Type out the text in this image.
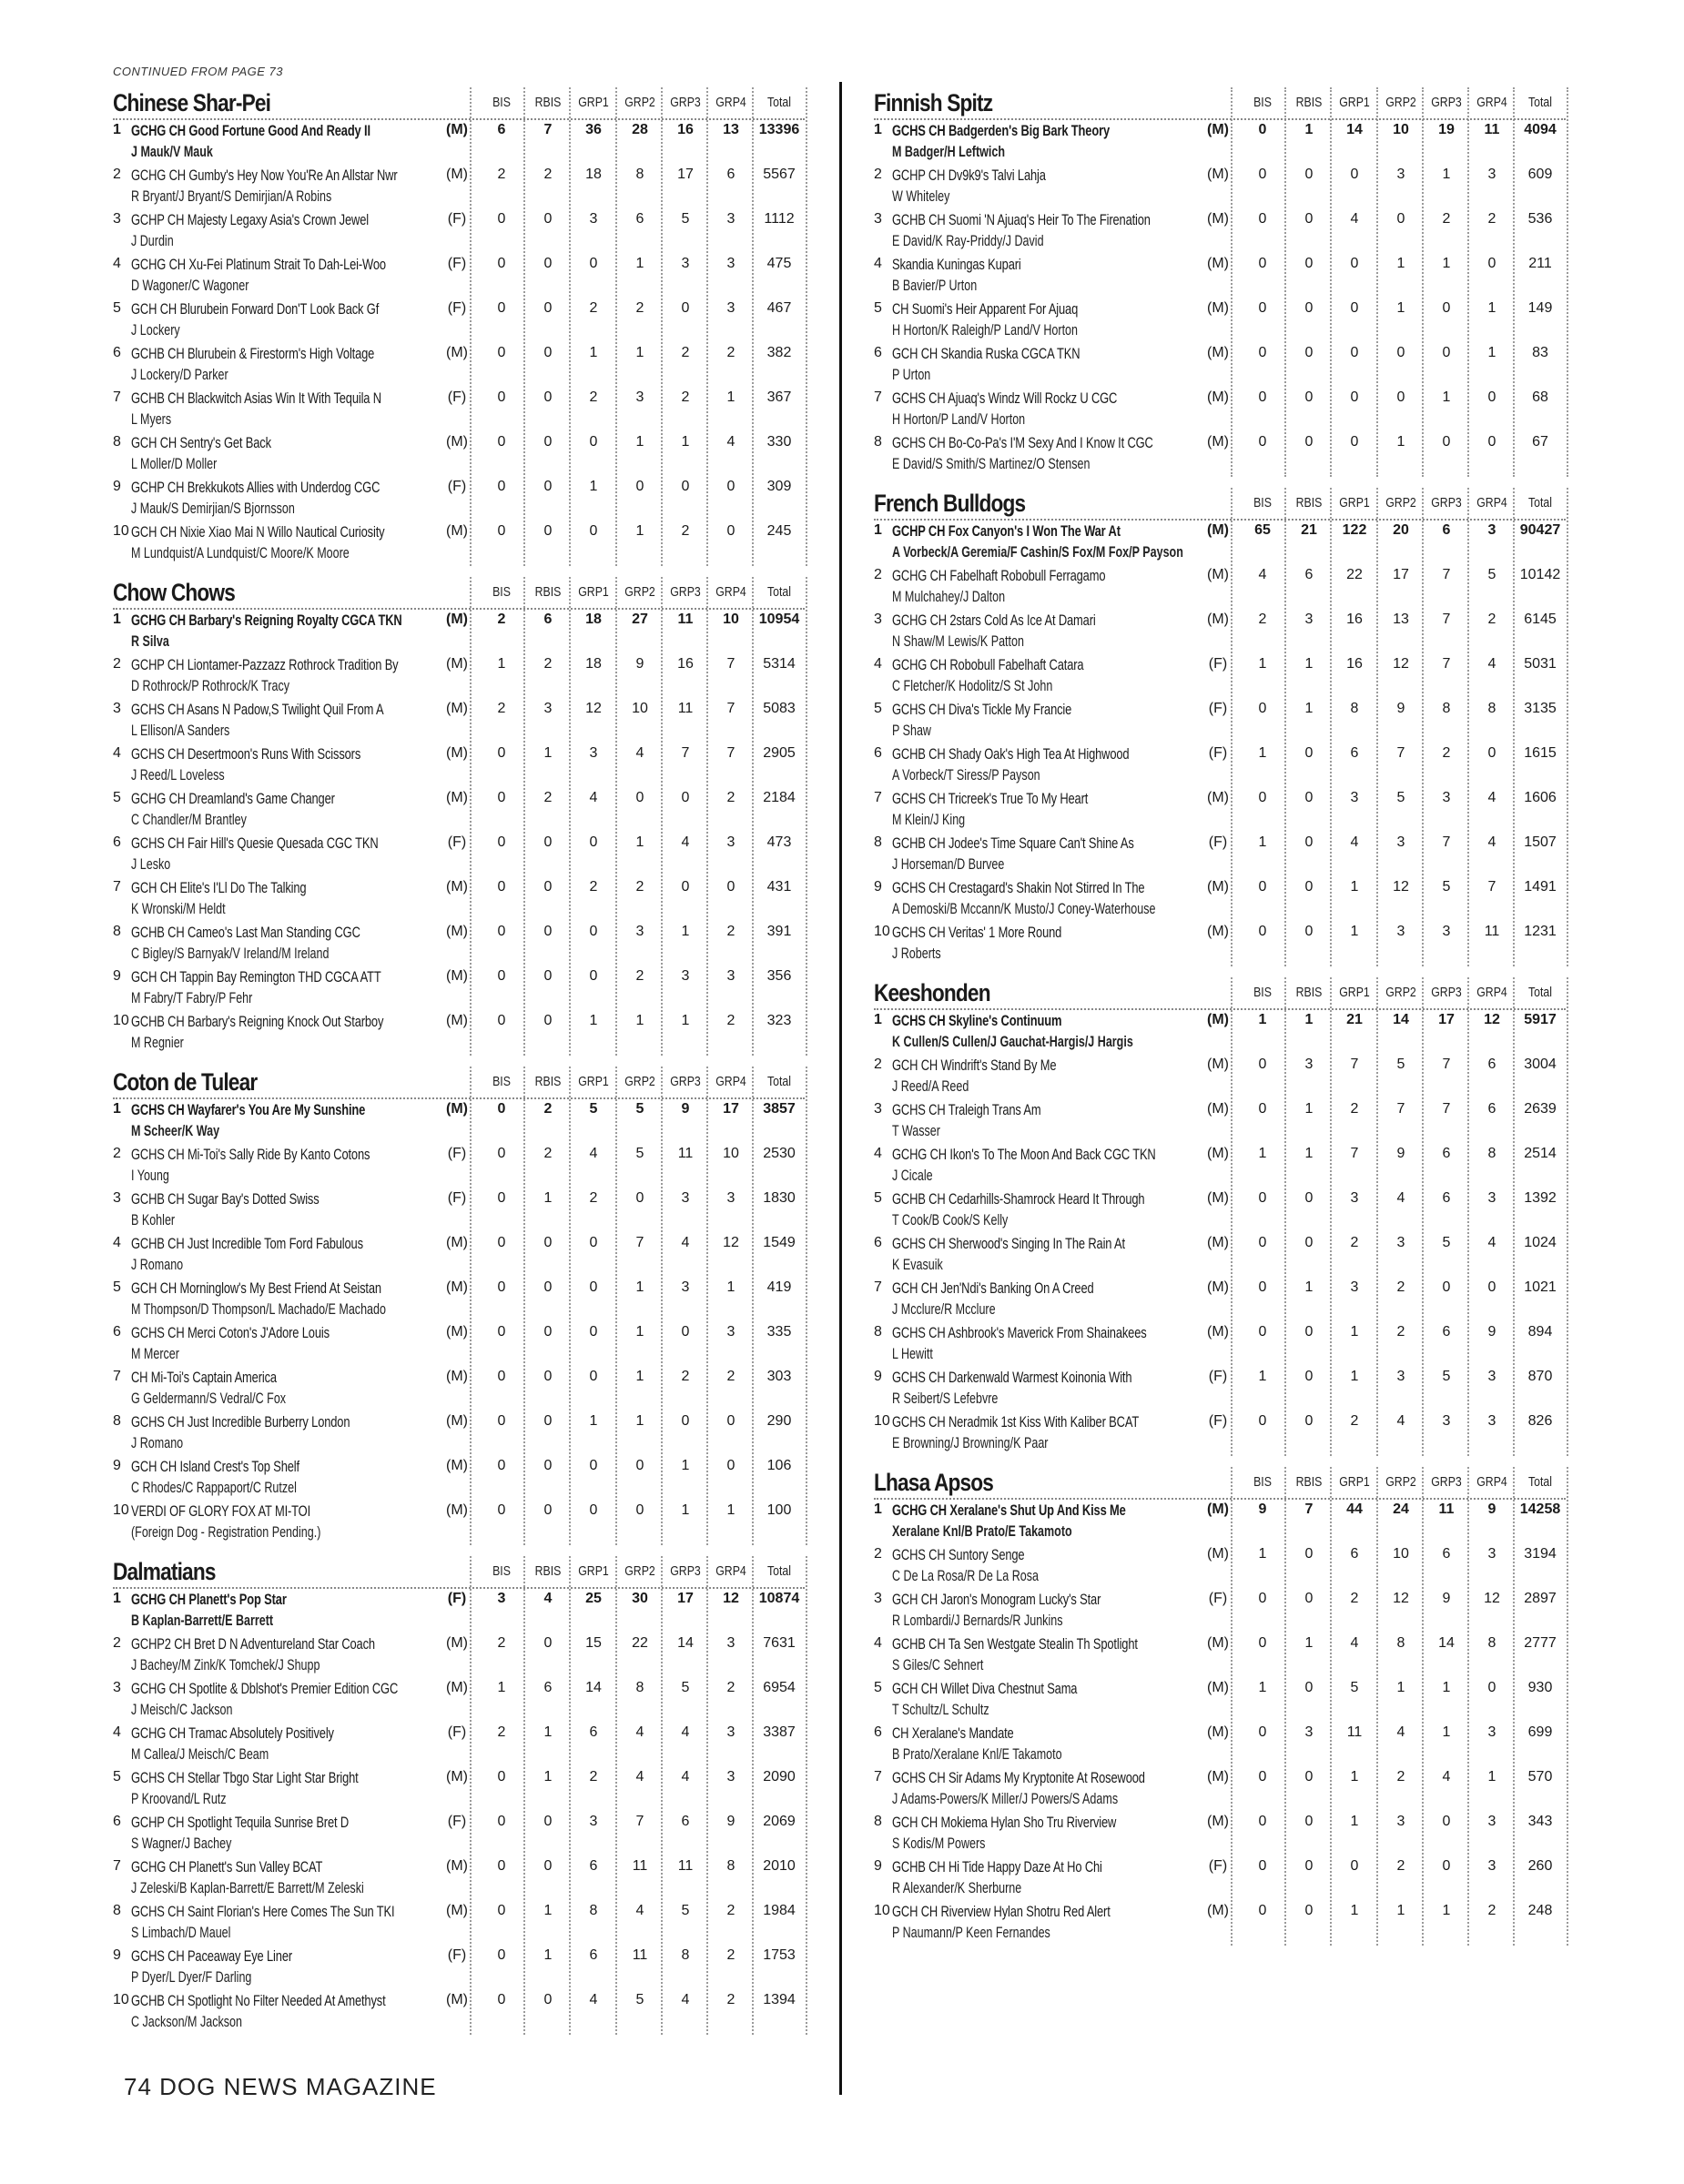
CONTINUED FROM PAGE 73
Chinese Shar-Pei	BIS	RBIS	GRP1	GRP2	GRP3	GRP4	Total
1 GCHG CH Good Fortune Good And Ready II
J Mauk/V Mauk
(M)	6	7	36	28	16	13	13396
2 GCHG CH Gumby's Hey Now You'Re An Allstar Nwr
R Bryant/J Bryant/S Demirjian/A Robins
(M)	2	2	18	8	17	6	5567
3 GCHP CH Majesty Legaxy Asia's Crown Jewel
J Durdin
(F)	0	0	3	6	5	3	1112
4 GCHG CH Xu-Fei Platinum Strait To Dah-Lei-Woo
D Wagoner/C Wagoner
(F)	0	0	0	1	3	3	475
5 GCH CH Blurubein Forward Don'T Look Back Gf
J Lockery
(F)	0	0	2	2	0	3	467
6 GCHB CH Blurubein & Firestorm's High Voltage
J Lockery/D Parker
(M)	0	0	1	1	2	2	382
7 GCHB CH Blackwitch Asias Win It With Tequila N
L Myers
(F)	0	0	2	3	2	1	367
8 GCH CH Sentry's Get Back
L Moller/D Moller
(M)	0	0	0	1	1	4	330
9 GCHP CH Brekkukots Allies with Underdog CGC
J Mauk/S Demirjian/S Bjornsson
(F)	0	0	1	0	0	0	309
10 GCH CH Nixie Xiao Mai N Willo Nautical Curiosity
M Lundquist/A Lundquist/C Moore/K Moore
(M)	0	0	0	1	2	0	245
Chow Chows	BIS	RBIS	GRP1	GRP2	GRP3	GRP4	Total
1 GCHG CH Barbary's Reigning Royalty CGCA TKN
R Silva
(M)	2	6	18	27	11	10	10954
2 GCHP CH Liontamer-Pazzazz Rothrock Tradition By
D Rothrock/P Rothrock/K Tracy
(M)	1	2	18	9	16	7	5314
3 GCHS CH Asans N Padow,S Twilight Quil From A
L Ellison/A Sanders
(M)	2	3	12	10	11	7	5083
4 GCHS CH Desertmoon's Runs With Scissors
J Reed/L Loveless
(M)	0	1	3	4	7	7	2905
5 GCHG CH Dreamland's Game Changer
C Chandler/M Brantley
(M)	0	2	4	0	0	2	2184
6 GCHS CH Fair Hill's Quesie Quesada CGC TKN
J Lesko
(F)	0	0	0	1	4	3	473
7 GCH CH Elite's I'Ll Do The Talking
K Wronski/M Heldt
(M)	0	0	2	2	0	0	431
8 GCHB CH Cameo's Last Man Standing CGC
C Bigley/S Barnyak/V Ireland/M Ireland
(M)	0	0	0	3	1	2	391
9 GCH CH Tappin Bay Remington THD CGCA ATT
M Fabry/T Fabry/P Fehr
(M)	0	0	0	2	3	3	356
10 GCHB CH Barbary's Reigning Knock Out Starboy
M Regnier
(M)	0	0	1	1	1	2	323
Coton de Tulear	BIS	RBIS	GRP1	GRP2	GRP3	GRP4	Total
1 GCHS CH Wayfarer's You Are My Sunshine
M Scheer/K Way
(M)	0	2	5	5	9	17	3857
2 GCHS CH Mi-Toi's Sally Ride By Kanto Cotons
I Young
(F)	0	2	4	5	11	10	2530
3 GCHB CH Sugar Bay's Dotted Swiss
B Kohler
(F)	0	1	2	0	3	3	1830
4 GCHB CH Just Incredible Tom Ford Fabulous
J Romano
(M)	0	0	0	7	4	12	1549
5 GCH CH Morninglow's My Best Friend At Seistan
M Thompson/D Thompson/L Machado/E Machado
(M)	0	0	0	1	3	1	419
6 GCHS CH Merci Coton's J'Adore Louis
M Mercer
(M)	0	0	0	1	0	3	335
7 CH Mi-Toi's Captain America
G Geldermann/S Vedral/C Fox
(M)	0	0	0	1	2	2	303
8 GCHS CH Just Incredible Burberry London
J Romano
(M)	0	0	1	1	0	0	290
9 GCH CH Island Crest's Top Shelf
C Rhodes/C Rappaport/C Rutzel
(M)	0	0	0	0	1	0	106
10 VERDI OF GLORY FOX AT MI-TOI
(Foreign Dog - Registration Pending.)
(M)	0	0	0	0	1	1	100
Dalmatians	BIS	RBIS	GRP1	GRP2	GRP3	GRP4	Total
1 GCHG CH Planett's Pop Star
B Kaplan-Barrett/E Barrett
(F)	3	4	25	30	17	12	10874
2 GCHP2 CH Bret D N Adventureland Star Coach
J Bachey/M Zink/K Tomchek/J Shupp
(M)	2	0	15	22	14	3	7631
3 GCHG CH Spotlite & Dblshot's Premier Edition CGC
J Meisch/C Jackson
(M)	1	6	14	8	5	2	6954
4 GCHG CH Tramac Absolutely Positively
M Callea/J Meisch/C Beam
(F)	2	1	6	4	4	3	3387
5 GCHS CH Stellar Tbgo Star Light Star Bright
P Kroovand/L Rutz
(M)	0	1	2	4	4	3	2090
6 GCHP CH Spotlight Tequila Sunrise Bret D
S Wagner/J Bachey
(F)	0	0	3	7	6	9	2069
7 GCHG CH Planett's Sun Valley BCAT
J Zeleski/B Kaplan-Barrett/E Barrett/M Zeleski
(M)	0	0	6	11	11	8	2010
8 GCHS CH Saint Florian's Here Comes The Sun TKI
S Limbach/D Mauel
(M)	0	1	8	4	5	2	1984
9 GCHS CH Paceaway Eye Liner
P Dyer/L Dyer/F Darling
(F)	0	1	6	11	8	2	1753
10 GCHB CH Spotlight No Filter Needed At Amethyst
C Jackson/M Jackson
(M)	0	0	4	5	4	2	1394
Finnish Spitz	BIS	RBIS	GRP1	GRP2	GRP3	GRP4	Total
1 GCHS CH Badgerden's Big Bark Theory
M Badger/H Leftwich
(M)	0	1	14	10	19	11	4094
2 GCHP CH Dv9k9's Talvi Lahja
W Whiteley
(M)	0	0	0	3	1	3	609
3 GCHB CH Suomi 'N Ajuaq's Heir To The Firenation
E David/K Ray-Priddy/J David
(M)	0	0	4	0	2	2	536
4 Skandia Kuningas Kupari
B Bavier/P Urton
(M)	0	0	0	1	1	0	211
5 CH Suomi's Heir Apparent For Ajuaq
H Horton/K Raleigh/P Land/V Horton
(M)	0	0	0	1	0	1	149
6 GCH CH Skandia Ruska CGCA TKN
P Urton
(M)	0	0	0	0	0	1	83
7 GCHS CH Ajuaq's Windz Will Rockz U CGC
H Horton/P Land/V Horton
(M)	0	0	0	0	1	0	68
8 GCHS CH Bo-Co-Pa's I'M Sexy And I Know It CGC
E David/S Smith/S Martinez/O Stensen
(M)	0	0	0	1	0	0	67
French Bulldogs	BIS	RBIS	GRP1	GRP2	GRP3	GRP4	Total
1 GCHP CH Fox Canyon's I Won The War At
A Vorbeck/A Geremia/F Cashin/S Fox/M Fox/P Payson
(M)	65	21	122	20	6	3	90427
2 GCHG CH Fabelhaft Robobull Ferragamo
M Mulchahey/J Dalton
(M)	4	6	22	17	7	5	10142
3 GCHG CH 2stars Cold As Ice At Damari
N Shaw/M Lewis/K Patton
(M)	2	3	16	13	7	2	6145
4 GCHG CH Robobull Fabelhaft Catara
C Fletcher/K Hodolitz/S St John
(F)	1	1	16	12	7	4	5031
5 GCHS CH Diva's Tickle My Francie
P Shaw
(F)	0	1	8	9	8	8	3135
6 GCHB CH Shady Oak's High Tea At Highwood
A Vorbeck/T Siress/P Payson
(F)	1	0	6	7	2	0	1615
7 GCHS CH Tricreek's True To My Heart
M Klein/J King
(M)	0	0	3	5	3	4	1606
8 GCHB CH Jodee's Time Square Can't Shine As
J Horseman/D Burvee
(F)	1	0	4	3	7	4	1507
9 GCHS CH Crestagard's Shakin Not Stirred In The
A Demoski/B Mccann/K Musto/J Coney-Waterhouse
(M)	0	0	1	12	5	7	1491
10 GCHS CH Veritas' 1 More Round
J Roberts
(M)	0	0	1	3	3	11	1231
Keeshonden	BIS	RBIS	GRP1	GRP2	GRP3	GRP4	Total
1 GCHS CH Skyline's Continuum
K Cullen/S Cullen/J Gauchat-Hargis/J Hargis
(M)	1	1	21	14	17	12	5917
2 GCH CH Windrift's Stand By Me
J Reed/A Reed
(M)	0	3	7	5	7	6	3004
3 GCHS CH Traleigh Trans Am
T Wasser
(M)	0	1	2	7	7	6	2639
4 GCHG CH Ikon's To The Moon And Back CGC TKN
J Cicale
(M)	1	1	7	9	6	8	2514
5 GCHB CH Cedarhills-Shamrock Heard It Through
T Cook/B Cook/S Kelly
(M)	0	0	3	4	6	3	1392
6 GCHS CH Sherwood's Singing In The Rain At
K Evasuik
(M)	0	0	2	3	5	4	1024
7 GCH CH Jen'Ndi's Banking On A Creed
J Mcclure/R Mcclure
(M)	0	1	3	2	0	0	1021
8 GCHS CH Ashbrook's Maverick From Shainakees
L Hewitt
(M)	0	0	1	2	6	9	894
9 GCHS CH Darkenwald Warmest Koinonia With
R Seibert/S Lefebvre
(F)	1	0	1	3	5	3	870
10 GCHS CH Neradmik 1st Kiss With Kaliber BCAT
E Browning/J Browning/K Paar
(F)	0	0	2	4	3	3	826
Lhasa Apsos	BIS	RBIS	GRP1	GRP2	GRP3	GRP4	Total
1 GCHG CH Xeralane's Shut Up And Kiss Me
Xeralane Knl/B Prato/E Takamoto
(M)	9	7	44	24	11	9	14258
2 GCHS CH Suntory Senge
C De La Rosa/R De La Rosa
(M)	1	0	6	10	6	3	3194
3 GCH CH Jaron's Monogram Lucky's Star
R Lombardi/J Bernards/R Junkins
(F)	0	0	2	12	9	12	2897
4 GCHB CH Ta Sen Westgate Stealin Th Spotlight
S Giles/C Sehnert
(M)	0	1	4	8	14	8	2777
5 GCH CH Willet Diva Chestnut Sama
T Schultz/L Schultz
(M)	1	0	5	1	1	0	930
6 CH Xeralane's Mandate
B Prato/Xeralane Knl/E Takamoto
(M)	0	3	11	4	1	3	699
7 GCHS CH Sir Adams My Kryptonite At Rosewood
J Adams-Powers/K Miller/J Powers/S Adams
(M)	0	0	1	2	4	1	570
8 GCH CH Mokiema Hylan Sho Tru Riverview
S Kodis/M Powers
(M)	0	0	1	3	0	3	343
9 GCHB CH Hi Tide Happy Daze At Ho Chi
R Alexander/K Sherburne
(F)	0	0	0	2	0	3	260
10 GCH CH Riverview Hylan Shotru Red Alert
P Naumann/P Keen Fernandes
(M)	0	0	1	1	1	2	248
74 DOG NEWS MAGAZINE
